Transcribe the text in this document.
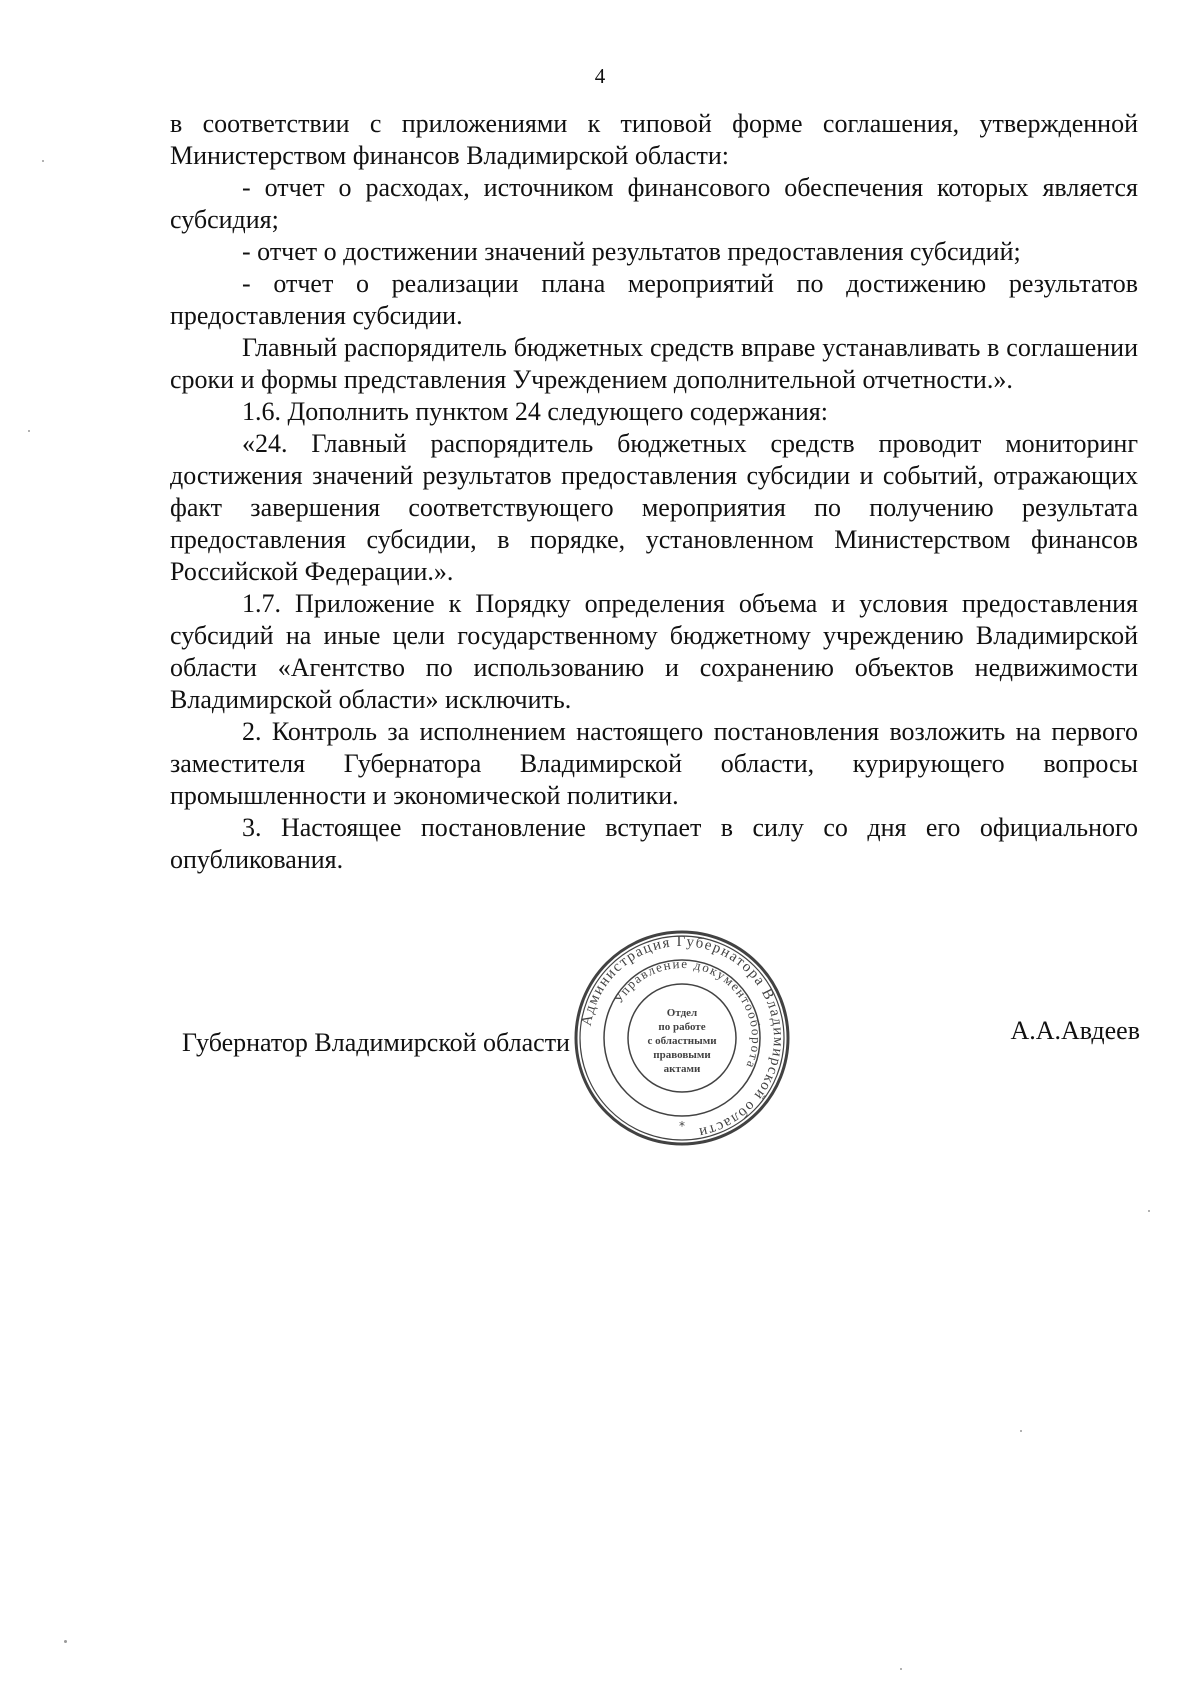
4

в соответствии с приложениями к типовой форме соглашения, утвержденной Министерством финансов Владимирской области:

- отчет о расходах, источником финансового обеспечения которых является субсидия;

- отчет о достижении значений результатов предоставления субсидий;

- отчет о реализации плана мероприятий по достижению результатов предоставления субсидии.

Главный распорядитель бюджетных средств вправе устанавливать в соглашении сроки и формы представления Учреждением дополнительной отчетности.».

1.6. Дополнить пунктом 24 следующего содержания:

«24. Главный распорядитель бюджетных средств проводит мониторинг достижения значений результатов предоставления субсидии и событий, отражающих факт завершения соответствующего мероприятия по получению результата предоставления субсидии, в порядке, установленном Министерством финансов Российской Федерации.».

1.7. Приложение к Порядку определения объема и условия предоставления субсидий на иные цели государственному бюджетному учреждению Владимирской области «Агентство по использованию и сохранению объектов недвижимости Владимирской области» исключить.

2. Контроль за исполнением настоящего постановления возложить на первого заместителя Губернатора Владимирской области, курирующего вопросы промышленности и экономической политики.

3. Настоящее постановление вступает в силу со дня его официального опубликования.

Губернатор Владимирской области	А.А.Авдеев
Администрация Губернатора Владимирской области
Управление документооборота
Отдел
по работе
с областными
правовыми
актами
*
